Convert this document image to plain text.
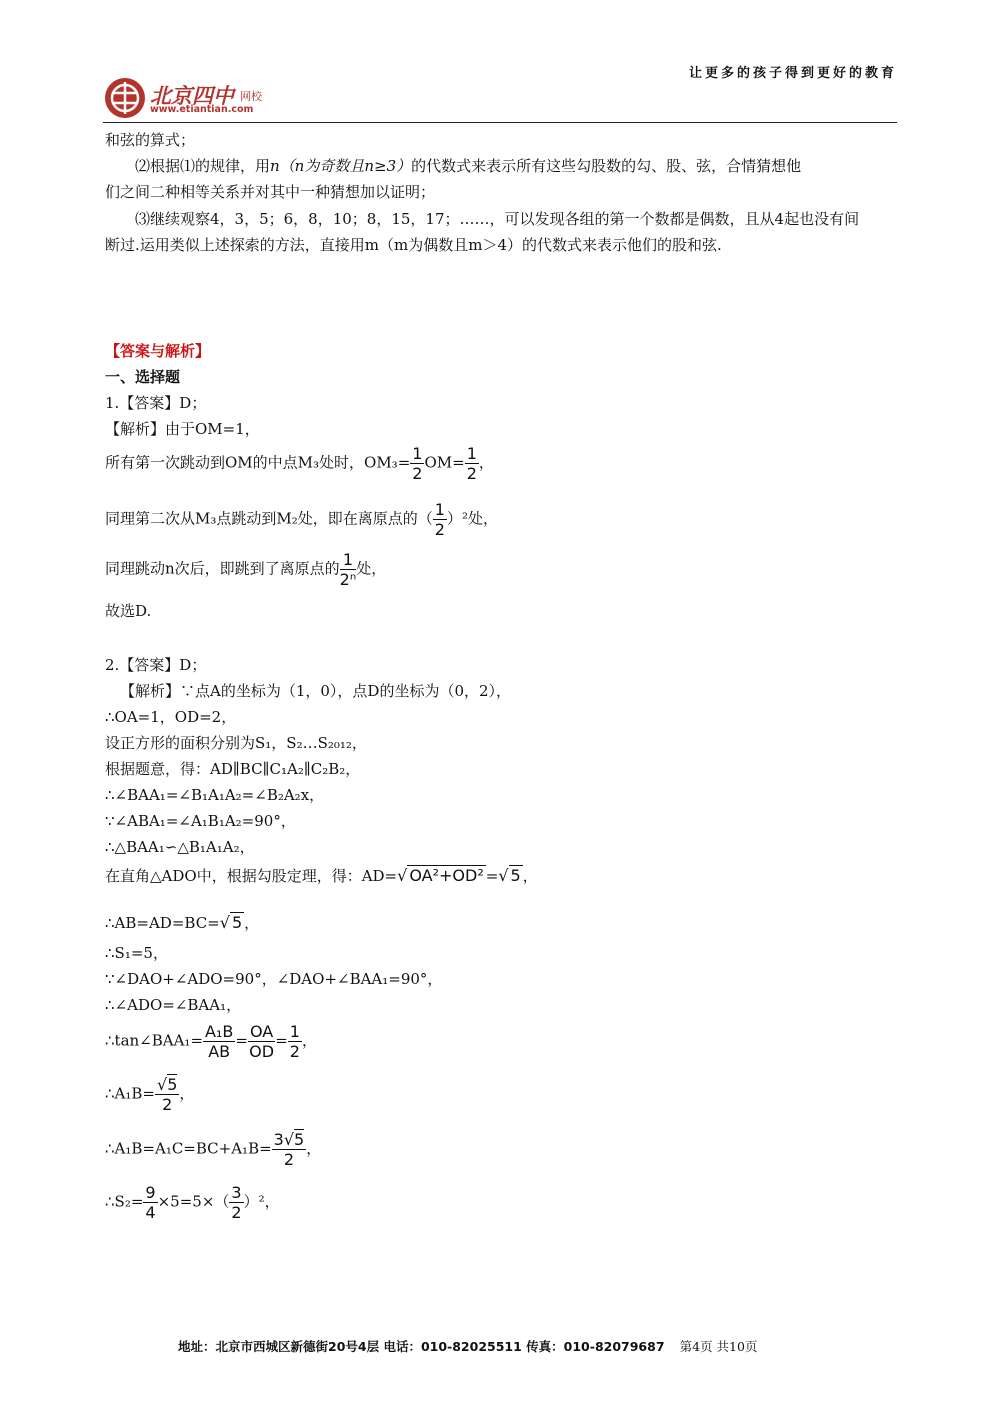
北京四中 网校
www.etiantian.com
让更多的孩子得到更好的教育
和弦的算式；
⑵根据⑴的规律，用n（n为奇数且n≥3）的代数式来表示所有这些勾股数的勾、股、弦，合情猜想他
们之间二种相等关系并对其中一种猜想加以证明；
⑶继续观察4，3，5；6，8，10；8，15，17；……，可以发现各组的第一个数都是偶数，且从4起也没有间
断过.运用类似上述探索的方法，直接用m（m为偶数且m＞4）的代数式来表示他们的股和弦.
【答案与解析】
一、选择题
1.【答案】D；
【解析】由于OM=1，
所有第一次跳动到OM的中点M₃处时，$OM_3= \frac{1}{2} OM= \frac{1}{2}$ ，
同理第二次从M₃点跳动到M₂处，即在离原点的（ $\frac{1}{2} )^2$处，
同理跳动n次后，即跳到了离原点的 $\frac{1}{\text{2ⁿ}}$ 处，
故选D.
2.【答案】D；
【解析】∵点A的坐标为（1，0），点D的坐标为（0，2），
∴OA=1，OD=2，
设正方形的面积分别为S₁，S₂…S₂₀₁₂，
根据题意，得：AD∥BC∥C₁A₂∥C₂B₂，
∴∠BAA₁=∠B₁A₁A₂=∠B₂A₂x，
∵∠ABA₁=∠A₁B₁A₂=90°，
∴△BAA₁∽△B₁A₁A₂，
在直角△ADO中，根据勾股定理，得：AD=√ OA²+OD² =√ 5 ，
∴AB=AD=BC=√ 5 ，
∴S₁=5，
∵∠DAO+∠ADO=90°，∠DAO+∠BAA₁=90°，
∴∠ADO=∠BAA₁，
∴tan∠BAA₁= $\frac{\text{A₁B}}{AB} = \frac{OA}{OD} = \frac{1}{2}$ ，
∴A₁B= $\frac{√5}{2}$ ，
∴A₁B=A₁C=BC+A₁B= $\frac{3√5}{2}$ ，
∴S₂= $\frac{9}{4} \times 5=5\times( \frac{3}{2} )^2$，
地址：北京市西城区新德街20号4层 电话：010-82025511 传真：010-82079687 第4页 共10页
